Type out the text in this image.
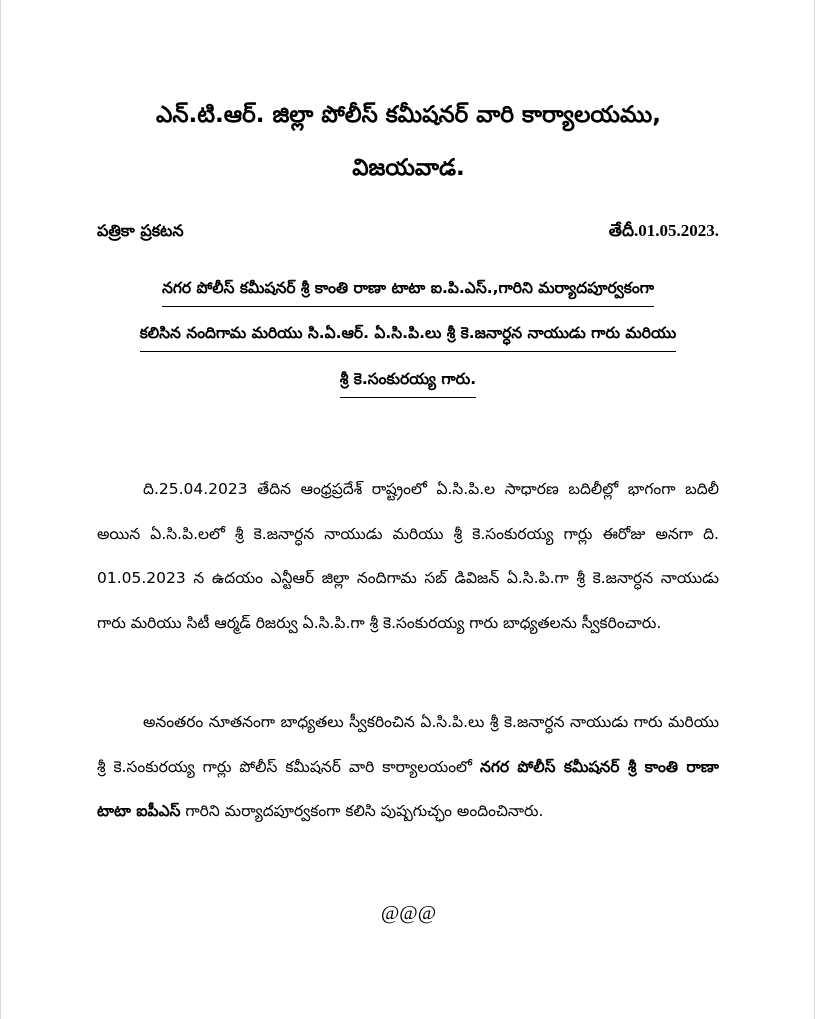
ఎన్.టి.ఆర్. జిల్లా పోలీస్ కమీషనర్ వారి కార్యాలయము,
విజయవాడ.
పత్రికా ప్రకటన	తేదీ.01.05.2023.
నగర పోలీస్ కమీషనర్ శ్రీ కాంతి రాణా టాటా ఐ.పి.ఎస్.,గారిని మర్యాదపూర్వకంగా
కలిసిన నందిగామ మరియు సి.ఏ.ఆర్. ఏ.సి.పి.లు శ్రీ కె.జనార్ధన నాయుడు గారు మరియు
శ్రీ కె.సంకురయ్య గారు.

ది.25.04.2023 తేదిన ఆంధ్రప్రదేశ్ రాష్ట్రంలో ఏ.సి.పి.ల సాధారణ బదిలీల్లో భాగంగా బదిలీ అయిన ఏ.సి.పి.లలో శ్రీ కె.జనార్ధన నాయుడు మరియు శ్రీ కె.సంకురయ్య గార్లు ఈరోజు అనగా ది. 01.05.2023 న ఉదయం ఎన్టీఆర్ జిల్లా నందిగామ సబ్ డివిజన్ ఏ.సి.పి.గా శ్రీ కె.జనార్ధన నాయుడు గారు మరియు సిటీ ఆర్మడ్ రిజర్వు ఏ.సి.పి.గా శ్రీ కె.సంకురయ్య గారు బాధ్యతలను స్వీకరించారు.

అనంతరం నూతనంగా బాధ్యతలు స్వీకరించిన ఏ.సి.పి.లు శ్రీ కె.జనార్ధన నాయుడు గారు మరియు శ్రీ కె.సంకురయ్య గార్లు పోలీస్ కమీషనర్ వారి కార్యాలయంలో నగర పోలీస్ కమీషనర్ శ్రీ కాంతి రాణా టాటా ఐపీఎస్ గారిని మర్యాదపూర్వకంగా కలిసి పుష్పగుచ్ఛం అందించినారు.

@@@
